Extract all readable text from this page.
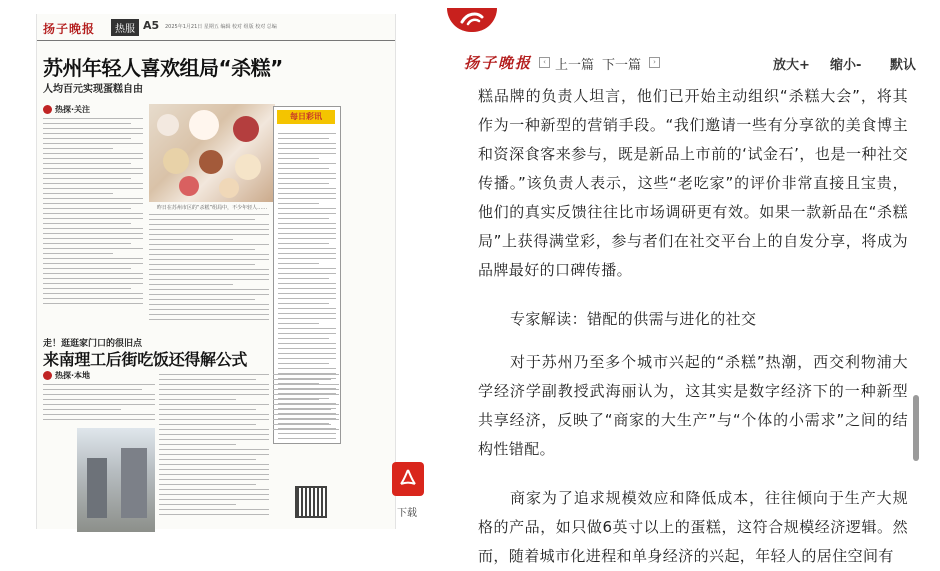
扬子晚报	热服 A5 2025年1月21日 星期五 编辑 校对 组版 校对 总编
苏州年轻人喜欢组局“杀糕”
人均百元实现蛋糕自由
热探·关注
昨日在苏州市区的“杀糕”组局中，不少年轻人……
每日彩讯
走！逛逛家门口的很旧点
来南理工后街吃饭还得解公式
热探·本地
下载
扬子晚报	‹ 上一篇 下一篇	›	放大+ 缩小- 默认

糕品牌的负责人坦言，他们已开始主动组织“杀糕大会”，将其作为一种新型的营销手段。“我们邀请一些有分享欲的美食博主和资深食客来参与，既是新品上市前的‘试金石’，也是一种社交传播。”该负责人表示，这些“老吃家”的评价非常直接且宝贵，他们的真实反馈往往比市场调研更有效。如果一款新品在“杀糕局”上获得满堂彩，参与者们在社交平台上的自发分享，将成为品牌最好的口碑传播。

专家解读：错配的供需与进化的社交

对于苏州乃至多个城市兴起的“杀糕”热潮，西交利物浦大学经济学副教授武海丽认为，这其实是数字经济下的一种新型共享经济，反映了“商家的大生产”与“个体的小需求”之间的结构性错配。

商家为了追求规模效应和降低成本，往往倾向于生产大规格的产品，如只做6英寸以上的蛋糕，这符合规模经济逻辑。然而，随着城市化进程和单身经济的兴起，年轻人的居住空间有
